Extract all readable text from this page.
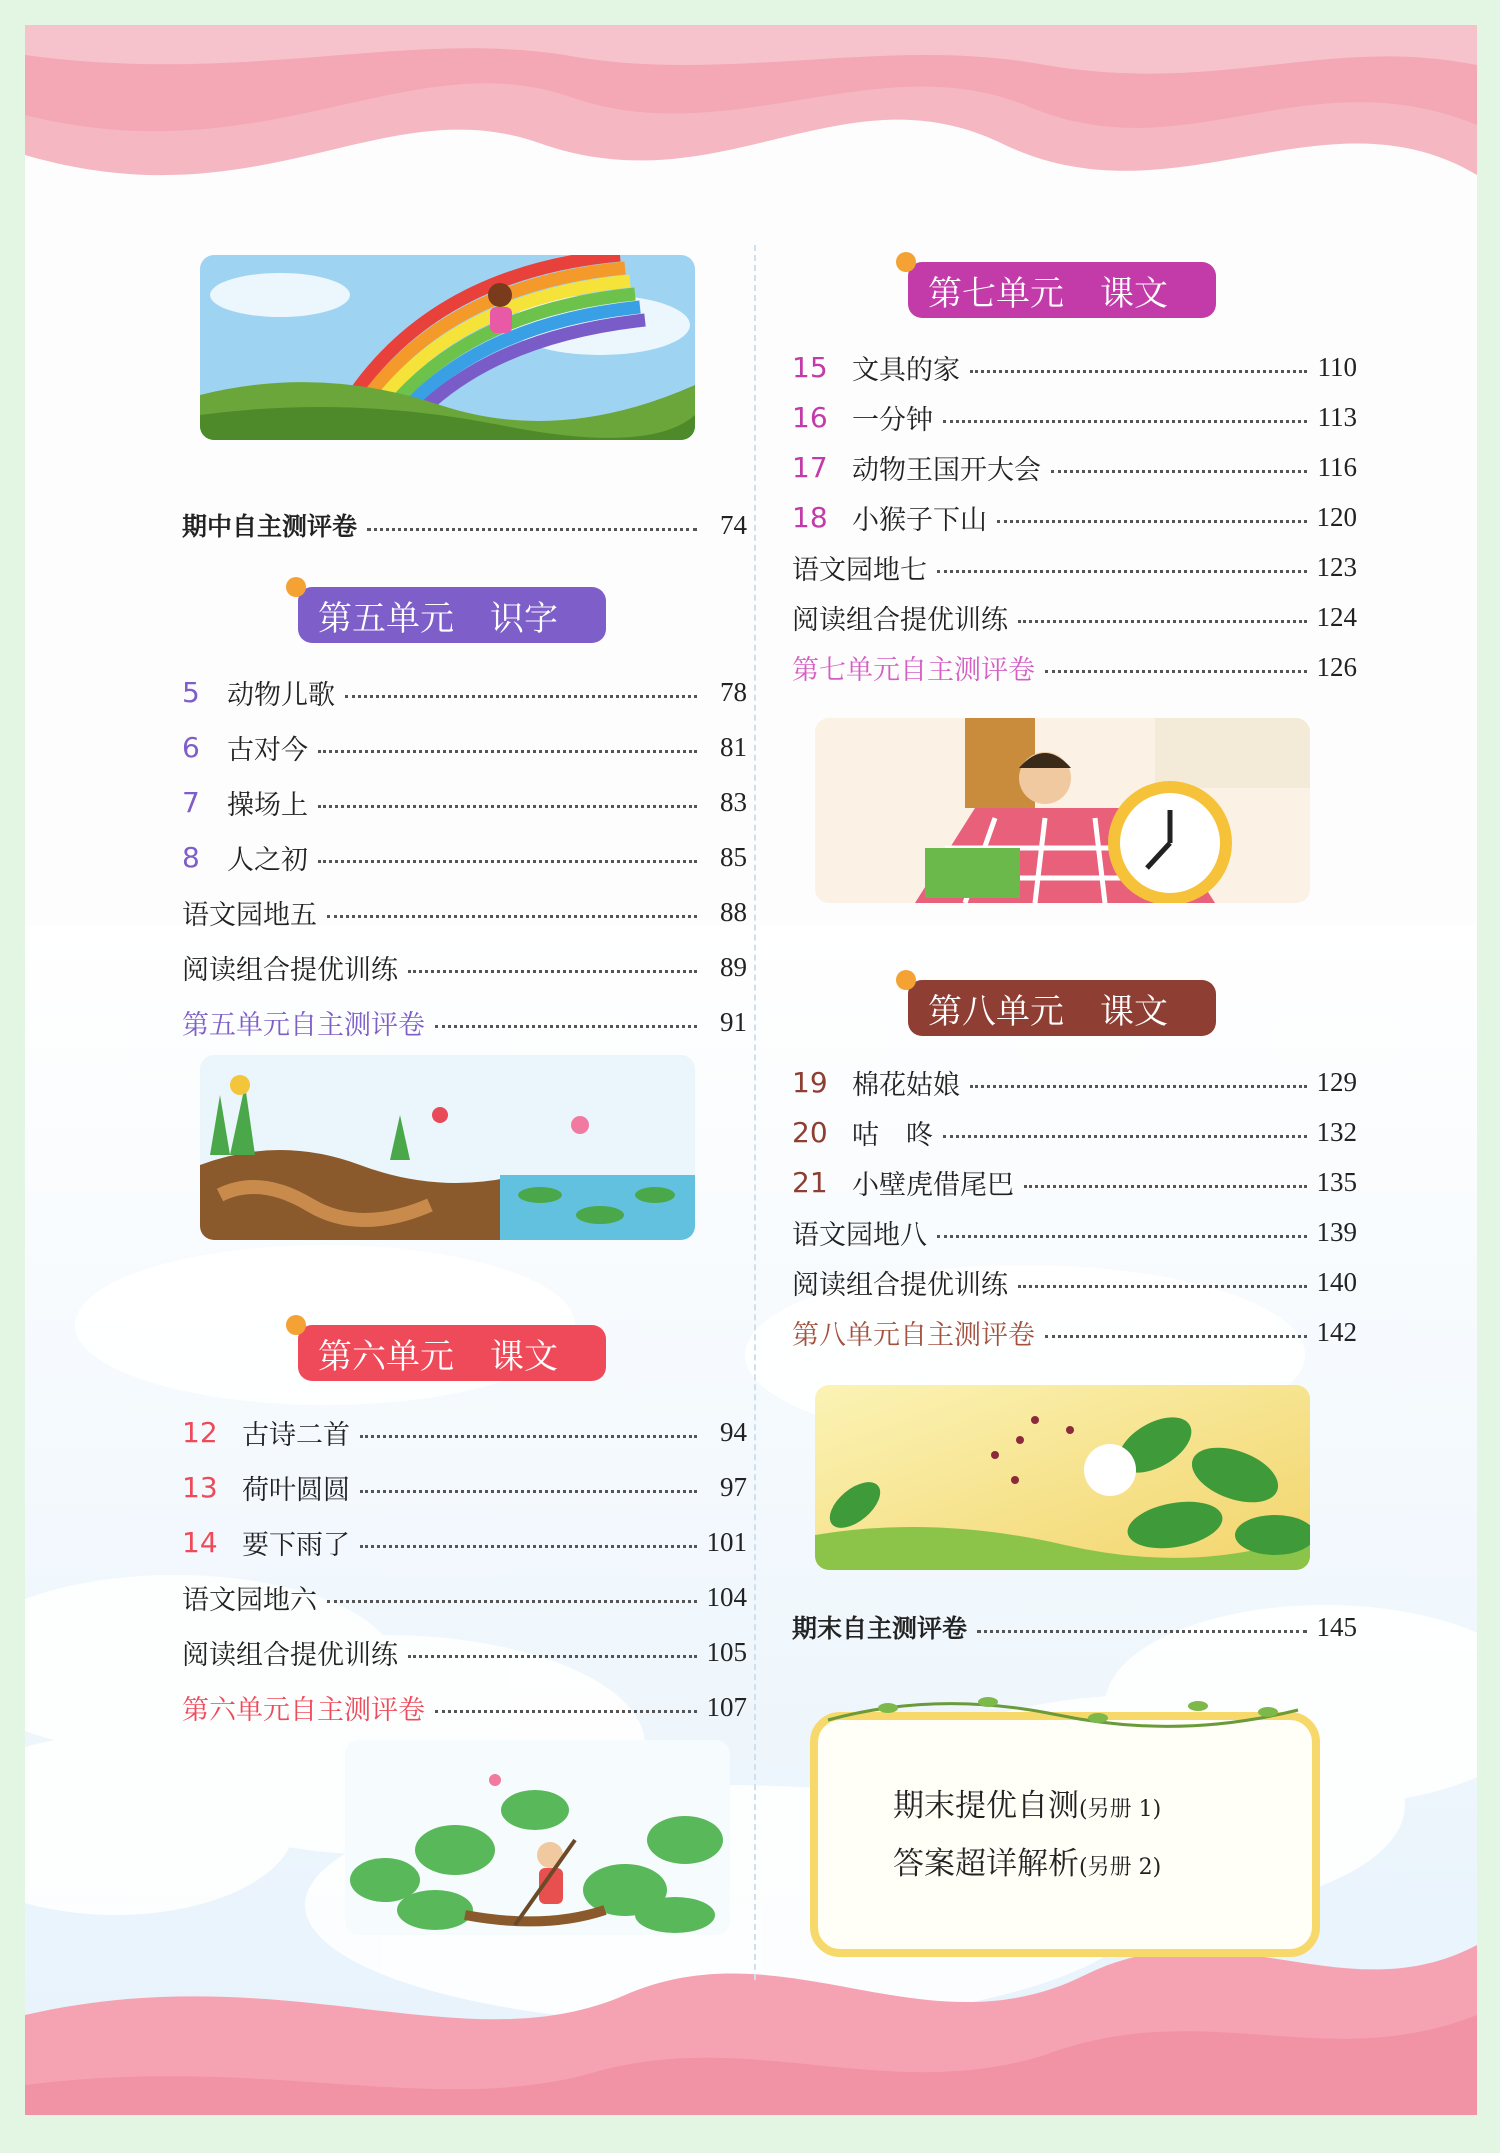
期中自主测评卷	74
第五单元 识字
5	动物儿歌	78
6	古对今	81
7	操场上	83
8	人之初	85
语文园地五	88
阅读组合提优训练	89
第五单元自主测评卷	91
第六单元 课文
12 古诗二首	94
13 荷叶圆圆	97
14 要下雨了	101
语文园地六	104
阅读组合提优训练	105
第六单元自主测评卷	107
第七单元 课文
15 文具的家	110
16 一分钟	113
17 动物王国开大会	116
18 小猴子下山	120
语文园地七	123
阅读组合提优训练	124
第七单元自主测评卷	126
第八单元 课文
19 棉花姑娘	129
20 咕　咚	132
21 小壁虎借尾巴	135
语文园地八	139
阅读组合提优训练	140
第八单元自主测评卷	142
期末自主测评卷	145
期末提优自测(另册 1)
答案超详解析(另册 2)
